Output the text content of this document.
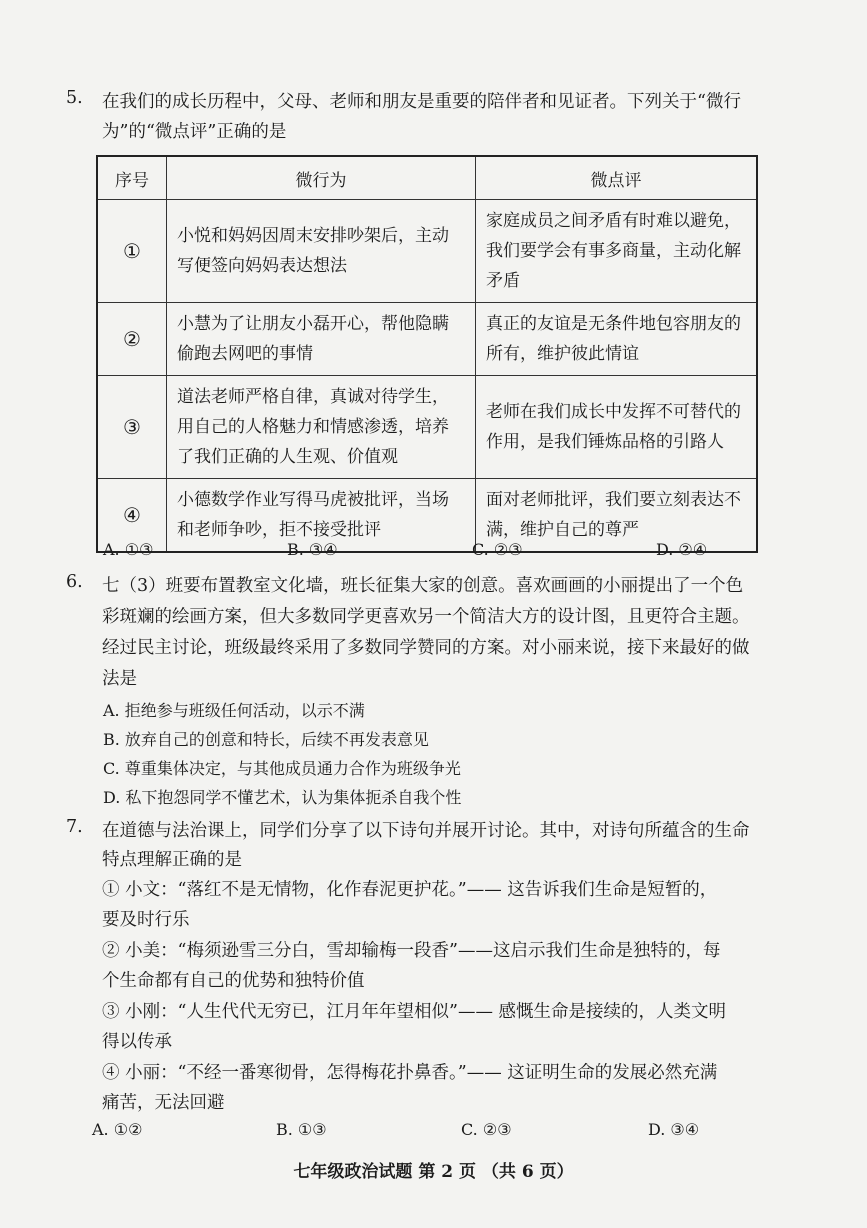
5. 在我们的成长历程中，父母、老师和朋友是重要的陪伴者和见证者。下列关于“微行
为”的“微点评”正确的是
序号	微行为	微点评
①	小悦和妈妈因周末安排吵架后，主动写便签向妈妈表达想法	家庭成员之间矛盾有时难以避免，我们要学会有事多商量，主动化解矛盾
②	小慧为了让朋友小磊开心，帮他隐瞒偷跑去网吧的事情	真正的友谊是无条件地包容朋友的所有，维护彼此情谊
③	道法老师严格自律，真诚对待学生，用自己的人格魅力和情感渗透，培养了我们正确的人生观、价值观	老师在我们成长中发挥不可替代的作用，是我们锤炼品格的引路人
④	小德数学作业写得马虎被批评，当场和老师争吵，拒不接受批评	面对老师批评，我们要立刻表达不满，维护自己的尊严
A. ①③	B. ③④	C. ②③	D. ②④
6. 七（3）班要布置教室文化墙，班长征集大家的创意。喜欢画画的小丽提出了一个色
彩斑斓的绘画方案，但大多数同学更喜欢另一个简洁大方的设计图，且更符合主题。
经过民主讨论，班级最终采用了多数同学赞同的方案。对小丽来说，接下来最好的做
法是
A. 拒绝参与班级任何活动，以示不满
B. 放弃自己的创意和特长，后续不再发表意见
C. 尊重集体决定，与其他成员通力合作为班级争光
D. 私下抱怨同学不懂艺术，认为集体扼杀自我个性
7. 在道德与法治课上，同学们分享了以下诗句并展开讨论。其中，对诗句所蕴含的生命
特点理解正确的是
① 小文：“落红不是无情物，化作春泥更护花。”—— 这告诉我们生命是短暂的，
要及时行乐
② 小美：“梅须逊雪三分白，雪却输梅一段香”——这启示我们生命是独特的，每
个生命都有自己的优势和独特价值
③ 小刚：“人生代代无穷已，江月年年望相似”—— 感慨生命是接续的，人类文明
得以传承
④ 小丽：“不经一番寒彻骨，怎得梅花扑鼻香。”—— 这证明生命的发展必然充满
痛苦，无法回避
A. ①②	B. ①③	C. ②③	D. ③④
七年级政治试题 第 2 页 （共 6 页）
